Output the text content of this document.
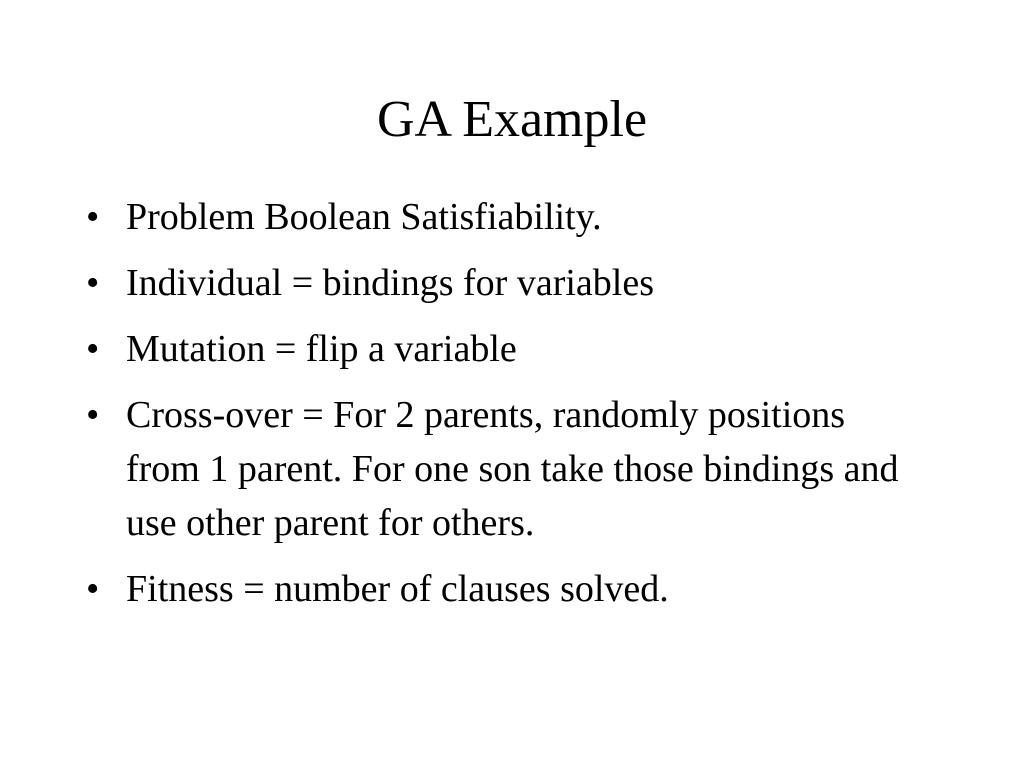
GA Example
• Problem Boolean Satisfiability.
• Individual = bindings for variables
• Mutation = flip a variable
• Cross-over = For 2 parents, randomly positions from 1 parent. For one son take those bindings and use other parent for others.
• Fitness = number of clauses solved.
